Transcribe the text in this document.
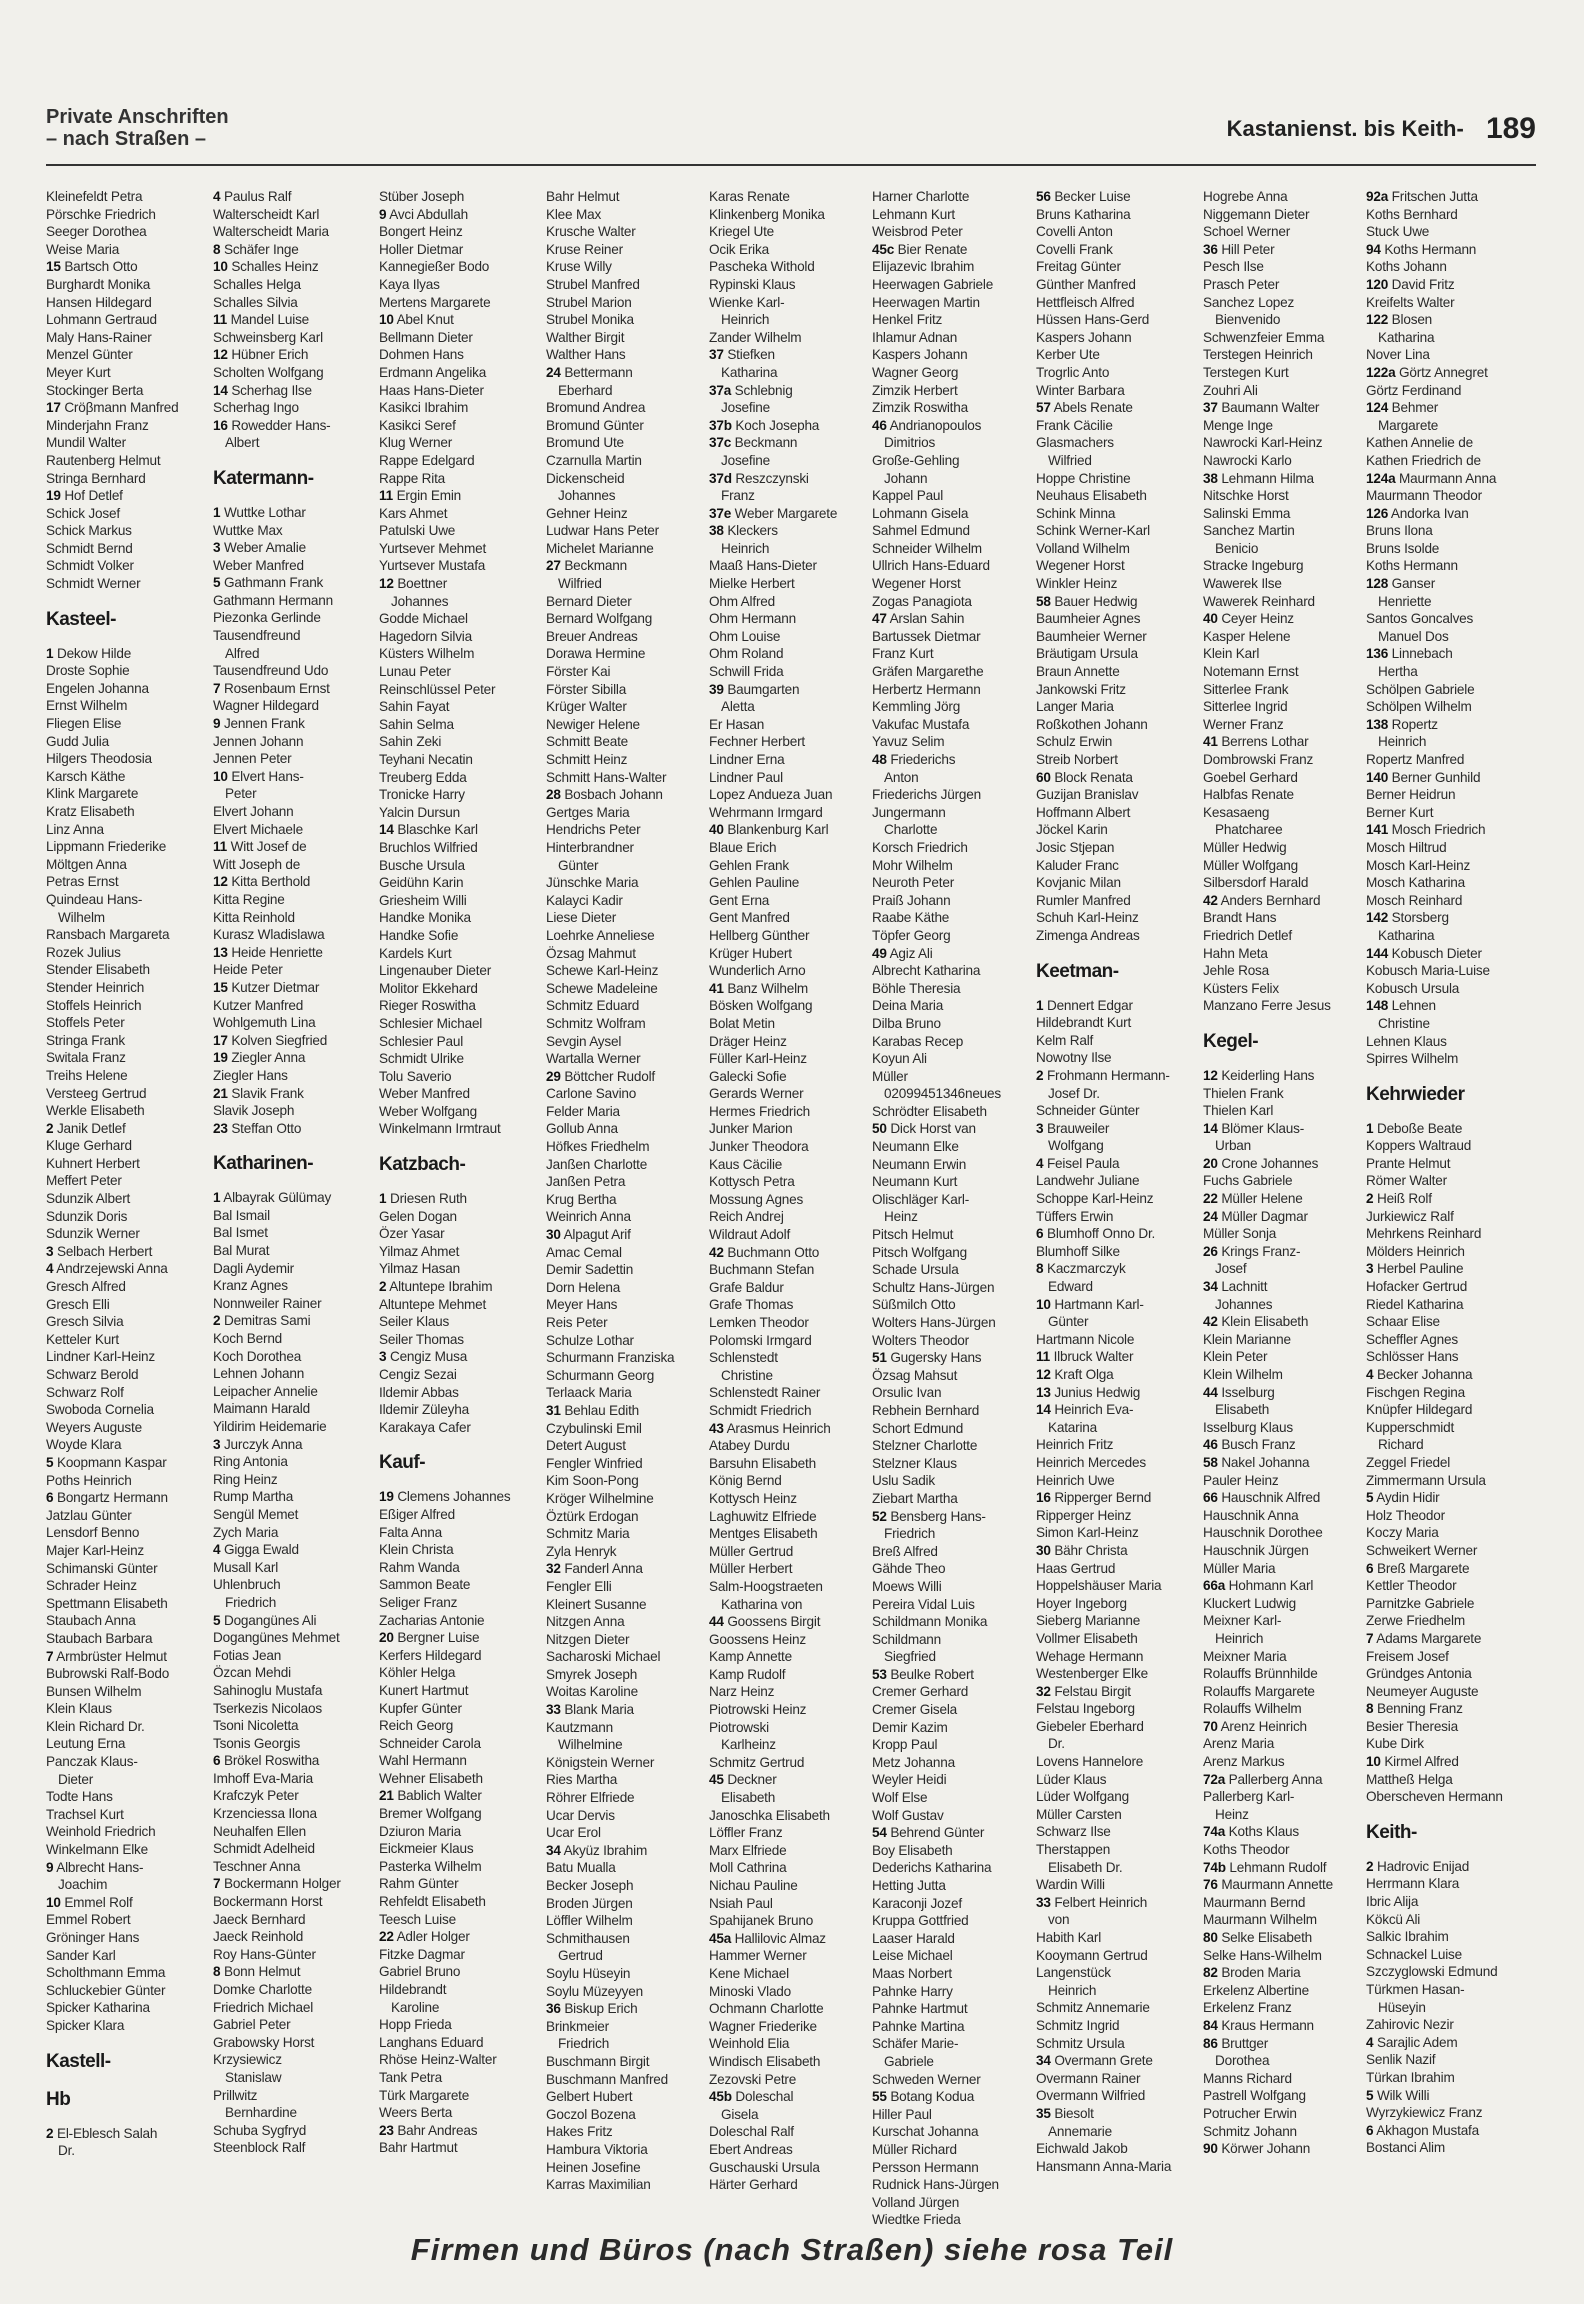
Private Anschriften
– nach Straßen –	Kastanienst. bis Keith- 189
Kleinefeldt Petra
Pörschke Friedrich
Seeger Dorothea
Weise Maria
15 Bartsch Otto
Burghardt Monika
Hansen Hildegard
Lohmann Gertraud
Maly Hans-Rainer
Menzel Günter
Meyer Kurt
Stockinger Berta
17 Cröβmann Manfred
Minderjahn Franz
Mundil Walter
Rautenberg Helmut
Stringa Bernhard
19 Hof Detlef
Schick Josef
Schick Markus
Schmidt Bernd
Schmidt Volker
Schmidt Werner
Kasteel-
1 Dekow Hilde
Droste Sophie
Engelen Johanna
Ernst Wilhelm
Fliegen Elise
Gudd Julia
Hilgers Theodosia
Karsch Käthe
Klink Margarete
Kratz Elisabeth
Linz Anna
Lippmann Friederike
Möltgen Anna
Petras Ernst
Quindeau Hans-
Wilhelm
Ransbach Margareta
Rozek Julius
Stender Elisabeth
Stender Heinrich
Stoffels Heinrich
Stoffels Peter
Stringa Frank
Switala Franz
Treihs Helene
Versteeg Gertrud
Werkle Elisabeth
2 Janik Detlef
Kluge Gerhard
Kuhnert Herbert
Meffert Peter
Sdunzik Albert
Sdunzik Doris
Sdunzik Werner
3 Selbach Herbert
4 Andrzejewski Anna
Gresch Alfred
Gresch Elli
Gresch Silvia
Ketteler Kurt
Lindner Karl-Heinz
Schwarz Berold
Schwarz Rolf
Swoboda Cornelia
Weyers Auguste
Woyde Klara
5 Koopmann Kaspar
Poths Heinrich
6 Bongartz Hermann
Jatzlau Günter
Lensdorf Benno
Majer Karl-Heinz
Schimanski Günter
Schrader Heinz
Spettmann Elisabeth
Staubach Anna
Staubach Barbara
7 Armbrüster Helmut
Bubrowski Ralf-Bodo
Bunsen Wilhelm
Klein Klaus
Klein Richard Dr.
Leutung Erna
Panczak Klaus-
Dieter
Todte Hans
Trachsel Kurt
Weinhold Friedrich
Winkelmann Elke
9 Albrecht Hans-
Joachim
10 Emmel Rolf
Emmel Robert
Gröninger Hans
Sander Karl
Scholthmann Emma
Schluckebier Günter
Spicker Katharina
Spicker Klara
Kastell-
Hb
2 El-Eblesch Salah
Dr.
4 Paulus Ralf
Walterscheidt Karl
Walterscheidt Maria
8 Schäfer Inge
10 Schalles Heinz
Schalles Helga
Schalles Silvia
11 Mandel Luise
Schweinsberg Karl
12 Hübner Erich
Scholten Wolfgang
14 Scherhag Ilse
Scherhag Ingo
16 Rowedder Hans-
Albert
Katermann-
1 Wuttke Lothar
Wuttke Max
3 Weber Amalie
Weber Manfred
5 Gathmann Frank
Gathmann Hermann
Piezonka Gerlinde
Tausendfreund
Alfred
Tausendfreund Udo
7 Rosenbaum Ernst
Wagner Hildegard
9 Jennen Frank
Jennen Johann
Jennen Peter
10 Elvert Hans-
Peter
Elvert Johann
Elvert Michaele
11 Witt Josef de
Witt Joseph de
12 Kitta Berthold
Kitta Regine
Kitta Reinhold
Kurasz Wladislawa
13 Heide Henriette
Heide Peter
15 Kutzer Dietmar
Kutzer Manfred
Wohlgemuth Lina
17 Kolven Siegfried
19 Ziegler Anna
Ziegler Hans
21 Slavik Frank
Slavik Joseph
23 Steffan Otto
Katharinen-
1 Albayrak Gülümay
Bal Ismail
Bal Ismet
Bal Murat
Dagli Aydemir
Kranz Agnes
Nonnweiler Rainer
2 Demitras Sami
Koch Bernd
Koch Dorothea
Lehnen Johann
Leipacher Annelie
Maimann Harald
Yildirim Heidemarie
3 Jurczyk Anna
Ring Antonia
Ring Heinz
Rump Martha
Sengül Memet
Zych Maria
4 Gigga Ewald
Musall Karl
Uhlenbruch
Friedrich
5 Dogangünes Ali
Dogangünes Mehmet
Fotias Jean
Özcan Mehdi
Sahinoglu Mustafa
Tserkezis Nicolaos
Tsoni Nicoletta
Tsonis Georgis
6 Brökel Roswitha
Imhoff Eva-Maria
Krafczyk Peter
Krzenciessa Ilona
Neuhalfen Ellen
Schmidt Adelheid
Teschner Anna
7 Bockermann Holger
Bockermann Horst
Jaeck Bernhard
Jaeck Reinhold
Roy Hans-Günter
8 Bonn Helmut
Domke Charlotte
Friedrich Michael
Gabriel Peter
Grabowsky Horst
Krzysiewicz
Stanislaw
Prillwitz
Bernhardine
Schuba Sygfryd
Steenblock Ralf
Stüber Joseph
9 Avci Abdullah
Bongert Heinz
Holler Dietmar
Kannegießer Bodo
Kaya Ilyas
Mertens Margarete
10 Abel Knut
Bellmann Dieter
Dohmen Hans
Erdmann Angelika
Haas Hans-Dieter
Kasikci Ibrahim
Kasikci Seref
Klug Werner
Rappe Edelgard
Rappe Rita
11 Ergin Emin
Kars Ahmet
Patulski Uwe
Yurtsever Mehmet
Yurtsever Mustafa
12 Boettner
Johannes
Godde Michael
Hagedorn Silvia
Küsters Wilhelm
Lunau Peter
Reinschlüssel Peter
Sahin Fayat
Sahin Selma
Sahin Zeki
Teyhani Necatin
Treuberg Edda
Tronicke Harry
Yalcin Dursun
14 Blaschke Karl
Bruchlos Wilfried
Busche Ursula
Geidühn Karin
Griesheim Willi
Handke Monika
Handke Sofie
Kardels Kurt
Lingenauber Dieter
Molitor Ekkehard
Rieger Roswitha
Schlesier Michael
Schlesier Paul
Schmidt Ulrike
Tolu Saverio
Weber Manfred
Weber Wolfgang
Winkelmann Irmtraut
Katzbach-
1 Driesen Ruth
Gelen Dogan
Özer Yasar
Yilmaz Ahmet
Yilmaz Hasan
2 Altuntepe Ibrahim
Altuntepe Mehmet
Seiler Klaus
Seiler Thomas
3 Cengiz Musa
Cengiz Sezai
Ildemir Abbas
Ildemir Züleyha
Karakaya Cafer
Kauf-
19 Clemens Johannes
Eßiger Alfred
Falta Anna
Klein Christa
Rahm Wanda
Sammon Beate
Seliger Franz
Zacharias Antonie
20 Bergner Luise
Kerfers Hildegard
Köhler Helga
Kunert Hartmut
Kupfer Günter
Reich Georg
Schneider Carola
Wahl Hermann
Wehner Elisabeth
21 Bablich Walter
Bremer Wolfgang
Dziuron Maria
Eickmeier Klaus
Pasterka Wilhelm
Rahm Günter
Rehfeldt Elisabeth
Teesch Luise
22 Adler Holger
Fitzke Dagmar
Gabriel Bruno
Hildebrandt
Karoline
Hopp Frieda
Langhans Eduard
Rhöse Heinz-Walter
Tank Petra
Türk Margarete
Weers Berta
23 Bahr Andreas
Bahr Hartmut
Bahr Helmut
Klee Max
Krusche Walter
Kruse Reiner
Kruse Willy
Strubel Manfred
Strubel Marion
Strubel Monika
Walther Birgit
Walther Hans
24 Bettermann
Eberhard
Bromund Andrea
Bromund Günter
Bromund Ute
Czarnulla Martin
Dickenscheid
Johannes
Gehner Heinz
Ludwar Hans Peter
Michelet Marianne
27 Beckmann
Wilfried
Bernard Dieter
Bernard Wolfgang
Breuer Andreas
Dorawa Hermine
Förster Kai
Förster Sibilla
Krüger Walter
Newiger Helene
Schmitt Beate
Schmitt Heinz
Schmitt Hans-Walter
28 Bosbach Johann
Gertges Maria
Hendrichs Peter
Hinterbrandner
Günter
Jünschke Maria
Kalayci Kadir
Liese Dieter
Loehrke Anneliese
Özsag Mahmut
Schewe Karl-Heinz
Schewe Madeleine
Schmitz Eduard
Schmitz Wolfram
Sevgin Aysel
Wartalla Werner
29 Böttcher Rudolf
Carlone Savino
Felder Maria
Gollub Anna
Höfkes Friedhelm
Janßen Charlotte
Janßen Petra
Krug Bertha
Weinrich Anna
30 Alpagut Arif
Amac Cemal
Demir Sadettin
Dorn Helena
Meyer Hans
Reis Peter
Schulze Lothar
Schurmann Franziska
Schurmann Georg
Terlaack Maria
31 Behlau Edith
Czybulinski Emil
Detert August
Fengler Winfried
Kim Soon-Pong
Kröger Wilhelmine
Öztürk Erdogan
Schmitz Maria
Zyla Henryk
32 Fanderl Anna
Fengler Elli
Kleinert Susanne
Nitzgen Anna
Nitzgen Dieter
Sacharoski Michael
Smyrek Joseph
Woitas Karoline
33 Blank Maria
Kautzmann
Wilhelmine
Königstein Werner
Ries Martha
Röhrer Elfriede
Ucar Dervis
Ucar Erol
34 Akyüz Ibrahim
Batu Mualla
Becker Joseph
Broden Jürgen
Löffler Wilhelm
Schmithausen
Gertrud
Soylu Hüseyin
Soylu Müzeyyen
36 Biskup Erich
Brinkmeier
Friedrich
Buschmann Birgit
Buschmann Manfred
Gelbert Hubert
Goczol Bozena
Hakes Fritz
Hambura Viktoria
Heinen Josefine
Karras Maximilian
Karas Renate
Klinkenberg Monika
Kriegel Ute
Ocik Erika
Pascheka Withold
Rypinski Klaus
Wienke Karl-
Heinrich
Zander Wilhelm
37 Stiefken
Katharina
37a Schlebnig
Josefine
37b Koch Josepha
37c Beckmann
Josefine
37d Reszczynski
Franz
37e Weber Margarete
38 Kleckers
Heinrich
Maaß Hans-Dieter
Mielke Herbert
Ohm Alfred
Ohm Hermann
Ohm Louise
Ohm Roland
Schwill Frida
39 Baumgarten
Aletta
Er Hasan
Fechner Herbert
Lindner Erna
Lindner Paul
Lopez Andueza Juan
Wehrmann Irmgard
40 Blankenburg Karl
Blaue Erich
Gehlen Frank
Gehlen Pauline
Gent Erna
Gent Manfred
Hellberg Günther
Krüger Hubert
Wunderlich Arno
41 Banz Wilhelm
Bösken Wolfgang
Bolat Metin
Dräger Heinz
Füller Karl-Heinz
Galecki Sofie
Gerards Werner
Hermes Friedrich
Junker Marion
Junker Theodora
Kaus Cäcilie
Kottysch Petra
Mossung Agnes
Reich Andrej
Wildraut Adolf
42 Buchmann Otto
Buchmann Stefan
Grafe Baldur
Grafe Thomas
Lemken Theodor
Polomski Irmgard
Schlenstedt
Christine
Schlenstedt Rainer
Schmidt Friedrich
43 Arasmus Heinrich
Atabey Durdu
Barsuhn Elisabeth
König Bernd
Kottysch Heinz
Laghuwitz Elfriede
Mentges Elisabeth
Müller Gertrud
Müller Herbert
Salm-Hoogstraeten
Katharina von
44 Goossens Birgit
Goossens Heinz
Kamp Annette
Kamp Rudolf
Narz Heinz
Piotrowski Heinz
Piotrowski
Karlheinz
Schmitz Gertrud
45 Deckner
Elisabeth
Janoschka Elisabeth
Löffler Franz
Marx Elfriede
Moll Cathrina
Nichau Pauline
Nsiah Paul
Spahijanek Bruno
45a Hallilovic Almaz
Hammer Werner
Kene Michael
Minoski Vlado
Ochmann Charlotte
Wagner Friederike
Weinhold Elia
Windisch Elisabeth
Zezovski Petre
45b Doleschal
Gisela
Doleschal Ralf
Ebert Andreas
Guschauski Ursula
Härter Gerhard
Harner Charlotte
Lehmann Kurt
Weisbrod Peter
45c Bier Renate
Elijazevic Ibrahim
Heerwagen Gabriele
Heerwagen Martin
Henkel Fritz
Ihlamur Adnan
Kaspers Johann
Wagner Georg
Zimzik Herbert
Zimzik Roswitha
46 Andrianopoulos
Dimitrios
Große-Gehling
Johann
Kappel Paul
Lohmann Gisela
Sahmel Edmund
Schneider Wilhelm
Ullrich Hans-Eduard
Wegener Horst
Zogas Panagiota
47 Arslan Sahin
Bartussek Dietmar
Franz Kurt
Gräfen Margarethe
Herbertz Hermann
Kemmling Jörg
Vakufac Mustafa
Yavuz Selim
48 Friederichs
Anton
Friederichs Jürgen
Jungermann
Charlotte
Korsch Friedrich
Mohr Wilhelm
Neuroth Peter
Praiß Johann
Raabe Käthe
Töpfer Georg
49 Agiz Ali
Albrecht Katharina
Böhle Theresia
Deina Maria
Dilba Bruno
Karabas Recep
Koyun Ali
Müller
02099451346neues
Schrödter Elisabeth
50 Dick Horst van
Neumann Elke
Neumann Erwin
Neumann Kurt
Olischläger Karl-
Heinz
Pitsch Helmut
Pitsch Wolfgang
Schade Ursula
Schultz Hans-Jürgen
Süßmilch Otto
Wolters Hans-Jürgen
Wolters Theodor
51 Gugersky Hans
Özsag Mahsut
Orsulic Ivan
Rebhein Bernhard
Schort Edmund
Stelzner Charlotte
Stelzner Klaus
Uslu Sadik
Ziebart Martha
52 Bensberg Hans-
Friedrich
Breß Alfred
Gähde Theo
Moews Willi
Pereira Vidal Luis
Schildmann Monika
Schildmann
Siegfried
53 Beulke Robert
Cremer Gerhard
Cremer Gisela
Demir Kazim
Kropp Paul
Metz Johanna
Weyler Heidi
Wolf Else
Wolf Gustav
54 Behrend Günter
Boy Elisabeth
Dederichs Katharina
Hetting Jutta
Karaconji Jozef
Kruppa Gottfried
Laaser Harald
Leise Michael
Maas Norbert
Pahnke Harry
Pahnke Hartmut
Pahnke Martina
Schäfer Marie-
Gabriele
Schweden Werner
55 Botang Kodua
Hiller Paul
Kurschat Johanna
Müller Richard
Persson Hermann
Rudnick Hans-Jürgen
Volland Jürgen
Wiedtke Frieda
56 Becker Luise
Bruns Katharina
Covelli Anton
Covelli Frank
Freitag Günter
Günther Manfred
Hettfleisch Alfred
Hüssen Hans-Gerd
Kaspers Johann
Kerber Ute
Trogrlic Anto
Winter Barbara
57 Abels Renate
Frank Cäcilie
Glasmachers
Wilfried
Hoppe Christine
Neuhaus Elisabeth
Schink Minna
Schink Werner-Karl
Volland Wilhelm
Wegener Horst
Winkler Heinz
58 Bauer Hedwig
Baumheier Agnes
Baumheier Werner
Bräutigam Ursula
Braun Annette
Jankowski Fritz
Langer Maria
Roßkothen Johann
Schulz Erwin
Streib Norbert
60 Block Renata
Guzijan Branislav
Hoffmann Albert
Jöckel Karin
Josic Stjepan
Kaluder Franc
Kovjanic Milan
Rumler Manfred
Schuh Karl-Heinz
Zimenga Andreas
Keetman-
1 Dennert Edgar
Hildebrandt Kurt
Kelm Ralf
Nowotny Ilse
2 Frohmann Hermann-
Josef Dr.
Schneider Günter
3 Brauweiler
Wolfgang
4 Feisel Paula
Landwehr Juliane
Schoppe Karl-Heinz
Tüffers Erwin
6 Blumhoff Onno Dr.
Blumhoff Silke
8 Kaczmarczyk
Edward
10 Hartmann Karl-
Günter
Hartmann Nicole
11 Ilbruck Walter
12 Kraft Olga
13 Junius Hedwig
14 Heinrich Eva-
Katarina
Heinrich Fritz
Heinrich Mercedes
Heinrich Uwe
16 Ripperger Bernd
Ripperger Heinz
Simon Karl-Heinz
30 Bähr Christa
Haas Gertrud
Hoppelshäuser Maria
Hoyer Ingeborg
Sieberg Marianne
Vollmer Elisabeth
Wehage Hermann
Westenberger Elke
32 Felstau Birgit
Felstau Ingeborg
Giebeler Eberhard
Dr.
Lovens Hannelore
Lüder Klaus
Lüder Wolfgang
Müller Carsten
Schwarz Ilse
Therstappen
Elisabeth Dr.
Wardin Willi
33 Felbert Heinrich
von
Habith Karl
Kooymann Gertrud
Langenstück
Heinrich
Schmitz Annemarie
Schmitz Ingrid
Schmitz Ursula
34 Overmann Grete
Overmann Rainer
Overmann Wilfried
35 Biesolt
Annemarie
Eichwald Jakob
Hansmann Anna-Maria
Hogrebe Anna
Niggemann Dieter
Schoel Werner
36 Hill Peter
Pesch Ilse
Prasch Peter
Sanchez Lopez
Bienvenido
Schwenzfeier Emma
Terstegen Heinrich
Terstegen Kurt
Zouhri Ali
37 Baumann Walter
Menge Inge
Nawrocki Karl-Heinz
Nawrocki Karlo
38 Lehmann Hilma
Nitschke Horst
Salinski Emma
Sanchez Martin
Benicio
Stracke Ingeburg
Wawerek Ilse
Wawerek Reinhard
40 Ceyer Heinz
Kasper Helene
Klein Karl
Notemann Ernst
Sitterlee Frank
Sitterlee Ingrid
Werner Franz
41 Berrens Lothar
Dombrowski Franz
Goebel Gerhard
Halbfas Renate
Kesasaeng
Phatcharee
Müller Hedwig
Müller Wolfgang
Silbersdorf Harald
42 Anders Bernhard
Brandt Hans
Friedrich Detlef
Hahn Meta
Jehle Rosa
Küsters Felix
Manzano Ferre Jesus
Kegel-
12 Keiderling Hans
Thielen Frank
Thielen Karl
14 Blömer Klaus-
Urban
20 Crone Johannes
Fuchs Gabriele
22 Müller Helene
24 Müller Dagmar
Müller Sonja
26 Krings Franz-
Josef
34 Lachnitt
Johannes
42 Klein Elisabeth
Klein Marianne
Klein Peter
Klein Wilhelm
44 Isselburg
Elisabeth
Isselburg Klaus
46 Busch Franz
58 Nakel Johanna
Pauler Heinz
66 Hauschnik Alfred
Hauschnik Anna
Hauschnik Dorothee
Hauschnik Jürgen
Müller Maria
66a Hohmann Karl
Kluckert Ludwig
Meixner Karl-
Heinrich
Meixner Maria
Rolauffs Brünnhilde
Rolauffs Margarete
Rolauffs Wilhelm
70 Arenz Heinrich
Arenz Maria
Arenz Markus
72a Pallerberg Anna
Pallerberg Karl-
Heinz
74a Koths Klaus
Koths Theodor
74b Lehmann Rudolf
76 Maurmann Annette
Maurmann Bernd
Maurmann Wilhelm
80 Selke Elisabeth
Selke Hans-Wilhelm
82 Broden Maria
Erkelenz Albertine
Erkelenz Franz
84 Kraus Hermann
86 Bruttger
Dorothea
Manns Richard
Pastrell Wolfgang
Potrucher Erwin
Schmitz Johann
90 Körwer Johann
92a Fritschen Jutta
Koths Bernhard
Stuck Uwe
94 Koths Hermann
Koths Johann
120 David Fritz
Kreifelts Walter
122 Blosen
Katharina
Nover Lina
122a Görtz Annegret
Görtz Ferdinand
124 Behmer
Margarete
Kathen Annelie de
Kathen Friedrich de
124a Maurmann Anna
Maurmann Theodor
126 Andorka Ivan
Bruns Ilona
Bruns Isolde
Koths Hermann
128 Ganser
Henriette
Santos Goncalves
Manuel Dos
136 Linnebach
Hertha
Schölpen Gabriele
Schölpen Wilhelm
138 Ropertz
Heinrich
Ropertz Manfred
140 Berner Gunhild
Berner Heidrun
Berner Kurt
141 Mosch Friedrich
Mosch Hiltrud
Mosch Karl-Heinz
Mosch Katharina
Mosch Reinhard
142 Storsberg
Katharina
144 Kobusch Dieter
Kobusch Maria-Luise
Kobusch Ursula
148 Lehnen
Christine
Lehnen Klaus
Spirres Wilhelm
Kehrwieder
1 Deboße Beate
Koppers Waltraud
Prante Helmut
Römer Walter
2 Heiß Rolf
Jurkiewicz Ralf
Mehrkens Reinhard
Mölders Heinrich
3 Herbel Pauline
Hofacker Gertrud
Riedel Katharina
Schaar Elise
Scheffler Agnes
Schlösser Hans
4 Becker Johanna
Fischgen Regina
Knüpfer Hildegard
Kupperschmidt
Richard
Zeggel Friedel
Zimmermann Ursula
5 Aydin Hidir
Holz Theodor
Koczy Maria
Schweikert Werner
6 Breß Margarete
Kettler Theodor
Parnitzke Gabriele
Zerwe Friedhelm
7 Adams Margarete
Freisem Josef
Gründges Antonia
Neumeyer Auguste
8 Benning Franz
Besier Theresia
Kube Dirk
10 Kirmel Alfred
Mattheß Helga
Oberscheven Hermann
Keith-
2 Hadrovic Enijad
Herrmann Klara
Ibric Alija
Kökcü Ali
Salkic Ibrahim
Schnackel Luise
Szczyglowski Edmund
Türkmen Hasan-
Hüseyin
Zahirovic Nezir
4 Sarajlic Adem
Senlik Nazif
Türkan Ibrahim
5 Wilk Willi
Wyrzykiewicz Franz
6 Akhagon Mustafa
Bostanci Alim
Firmen und Büros (nach Straßen) siehe rosa Teil
